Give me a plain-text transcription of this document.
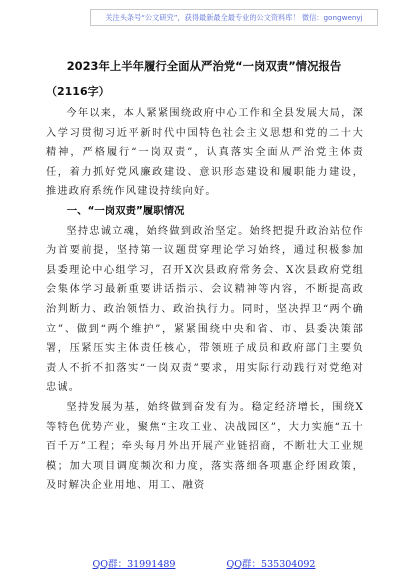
关注头条号“公文研究”，获得最新最全最专业的公文资料库！ 微信：gongwenyj
2023年上半年履行全面从严治党“一岗双责”情况报告
（2116字）

今年以来，本人紧紧围绕政府中心工作和全县发展大局，深入学习贯彻习近平新时代中国特色社会主义思想和党的二十大精神，严格履行“一岗双责”，认真落实全面从严治党主体责任，着力抓好党风廉政建设、意识形态建设和履职能力建设，推进政府系统作风建设持续向好。

一、“一岗双责”履职情况

坚持忠诚立魂，始终做到政治坚定。始终把提升政治站位作为首要前提，坚持第一议题贯穿理论学习始终，通过积极参加县委理论中心组学习，召开X次县政府常务会、X次县政府党组会集体学习最新重要讲话指示、会议精神等内容，不断提高政治判断力、政治领悟力、政治执行力。同时，坚决捍卫“两个确立”、做到“两个维护”，紧紧围绕中央和省、市、县委决策部署，压紧压实主体责任核心，带领班子成员和政府部门主要负责人不折不扣落实“一岗双责”要求，用实际行动践行对党绝对忠诚。

坚持发展为基，始终做到奋发有为。稳定经济增长，围绕X等特色优势产业，聚焦“主攻工业、决战园区”，大力实施“五十百千万”工程；牵头每月外出开展产业链招商，不断壮大工业规模；加大项目调度频次和力度，落实落细各项惠企纾困政策，及时解决企业用地、用工、融资

QQ群：31991489	QQ群：535304092
